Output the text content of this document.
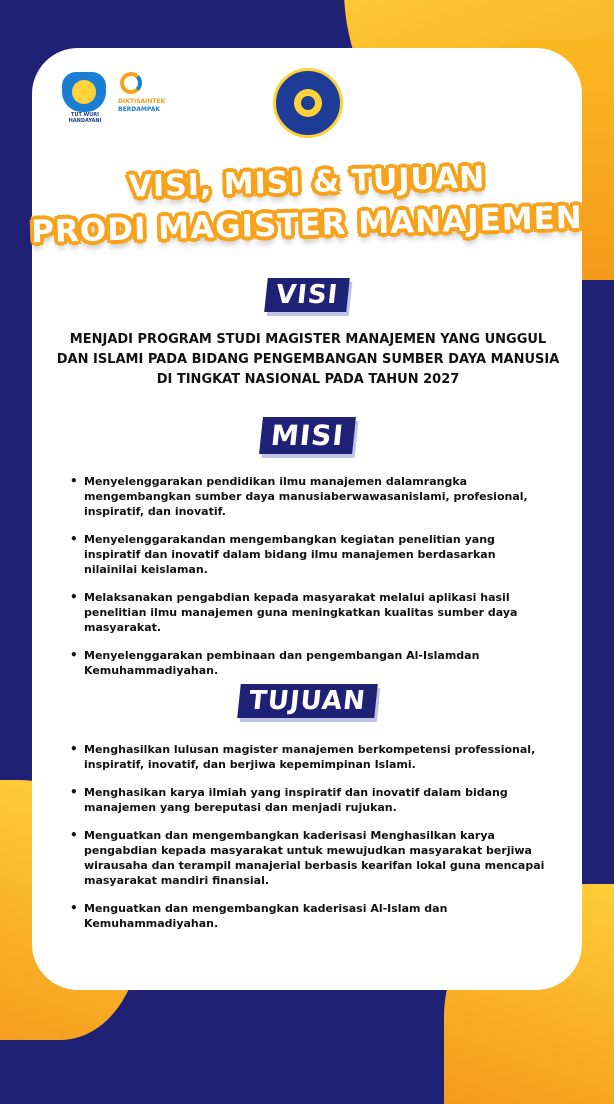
TUT WURI HANDAYANI
DIKTISAINTEK
BERDAMPAK
VISI, MISI & TUJUAN
PRODI MAGISTER MANAJEMEN
VISI
MENJADI PROGRAM STUDI MAGISTER MANAJEMEN YANG UNGGUL DAN ISLAMI PADA BIDANG PENGEMBANGAN SUMBER DAYA MANUSIA DI TINGKAT NASIONAL PADA TAHUN 2027
MISI
• Menyelenggarakan pendidikan ilmu manajemen dalamrangka mengembangkan sumber daya manusiaberwawasanislami, profesional, inspiratif, dan inovatif.
• Menyelenggarakandan mengembangkan kegiatan penelitian yang inspiratif dan inovatif dalam bidang ilmu manajemen berdasarkan nilainilai keislaman.
• Melaksanakan pengabdian kepada masyarakat melalui aplikasi hasil penelitian ilmu manajemen guna meningkatkan kualitas sumber daya masyarakat.
• Menyelenggarakan pembinaan dan pengembangan Al-Islamdan Kemuhammadiyahan.
TUJUAN
• Menghasilkan lulusan magister manajemen berkompetensi professional, inspiratif, inovatif, dan berjiwa kepemimpinan Islami.
• Menghasikan karya ilmiah yang inspiratif dan inovatif dalam bidang manajemen yang bereputasi dan menjadi rujukan.
• Menguatkan dan mengembangkan kaderisasi Menghasilkan karya pengabdian kepada masyarakat untuk mewujudkan masyarakat berjiwa wirausaha dan terampil manajerial berbasis kearifan lokal guna mencapai masyarakat mandiri finansial.
• Menguatkan dan mengembangkan kaderisasi Al-Islam dan Kemuhammadiyahan.
